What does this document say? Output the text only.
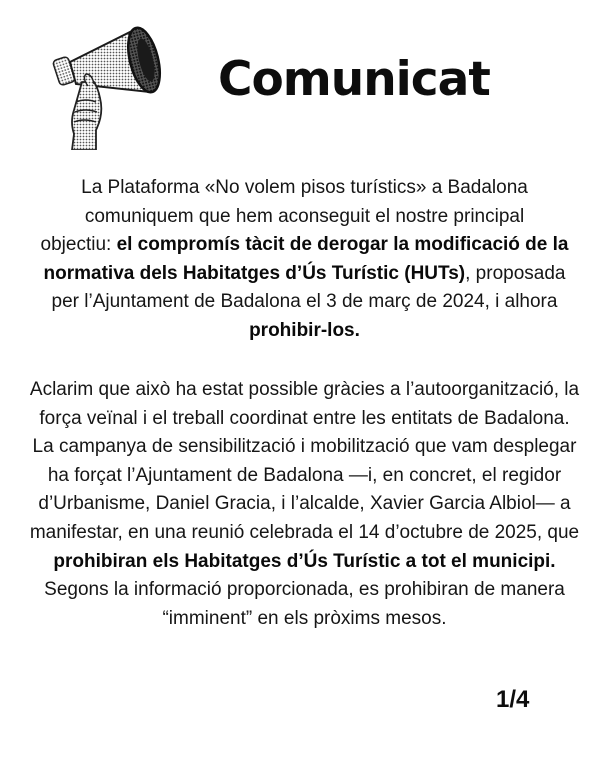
Comunicat

La Plataforma «No volem pisos turístics» a Badalona
comuniquem que hem aconseguit el nostre principal
objectiu: el compromís tàcit de derogar la modificació de la normativa dels Habitatges d’Ús Turístic (HUTs), proposada per l’Ajuntament de Badalona el 3 de març de 2024, i alhora prohibir-los.

Aclarim que això ha estat possible gràcies a l’autoorganització, la força veïnal i el treball coordinat entre les entitats de Badalona. La campanya de sensibilització i mobilització que vam desplegar ha forçat l’Ajuntament de Badalona —i, en concret, el regidor d’Urbanisme, Daniel Gracia, i l’alcalde, Xavier Garcia Albiol— a manifestar, en una reunió celebrada el 14 d’octubre de 2025, que prohibiran els Habitatges d’Ús Turístic a tot el municipi. Segons la informació proporcionada, es prohibiran de manera “imminent” en els pròxims mesos.

1/4
